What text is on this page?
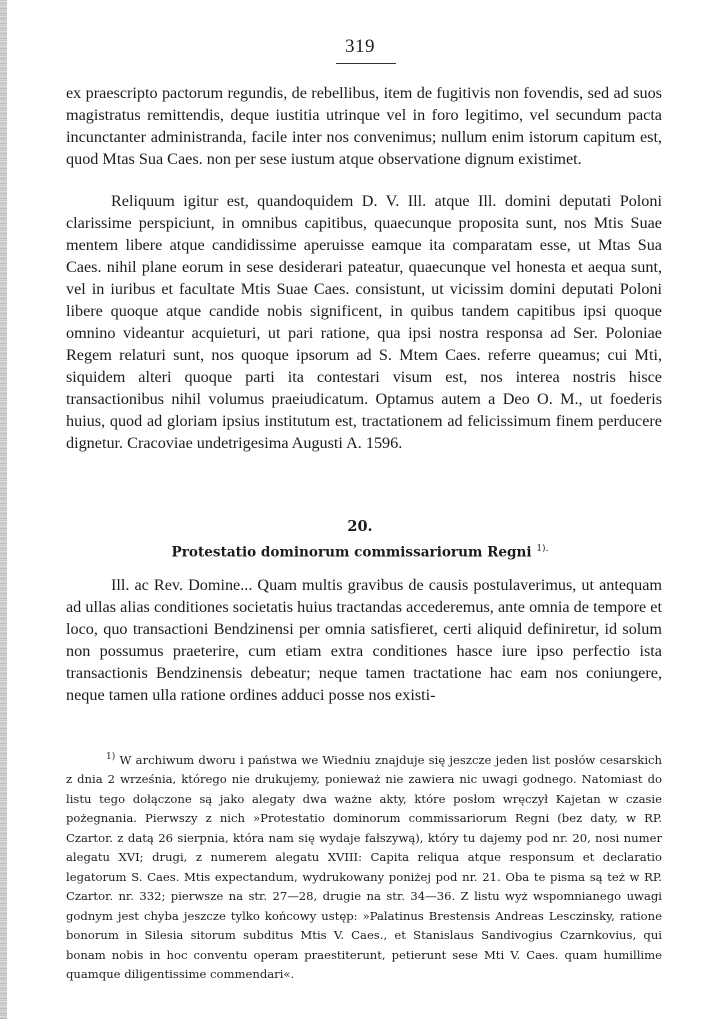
319

ex praescripto pactorum regundis, de rebellibus, item de fugitivis non fovendis, sed ad suos magistratus remittendis, deque iustitia utrinque vel in foro legitimo, vel secundum pacta incunctanter administranda, facile inter nos convenimus; nullum enim istorum capitum est, quod Mtas Sua Caes. non per sese iustum atque observatione dignum existimet.

Reliquum igitur est, quandoquidem D. V. Ill. atque Ill. domini deputati Poloni clarissime perspiciunt, in omnibus capitibus, quaecunque proposita sunt, nos Mtis Suae mentem libere atque candidissime aperuisse eamque ita comparatam esse, ut Mtas Sua Caes. nihil plane eorum in sese desiderari pateatur, quaecunque vel honesta et aequa sunt, vel in iuribus et facultate Mtis Suae Caes. consistunt, ut vicissim domini deputati Poloni libere quoque atque candide nobis significent, in quibus tandem capitibus ipsi quoque omnino videantur acquieturi, ut pari ratione, qua ipsi nostra responsa ad Ser. Poloniae Regem relaturi sunt, nos quoque ipsorum ad S. Mtem Caes. referre queamus; cui Mti, siquidem alteri quoque parti ita contestari visum est, nos interea nostris hisce transactionibus nihil volumus praeiudicatum. Optamus autem a Deo O. M., ut foederis huius, quod ad gloriam ipsius institutum est, tractationem ad felicissimum finem perducere dignetur. Cracoviae undetrigesima Augusti A. 1596.

20.
Protestatio dominorum commissariorum Regni $^{1).}$

Ill. ac Rev. Domine... Quam multis gravibus de causis postulaverimus, ut antequam ad ullas alias conditiones societatis huius tractandas accederemus, ante omnia de tempore et loco, quo transactioni Bendzinensi per omnia satisfieret, certi aliquid definiretur, id solum non possumus praeterire, cum etiam extra conditiones hasce iure ipso perfectio ista transactionis Bendzinensis debeatur; neque tamen tractatione hac eam nos coniungere, neque tamen ulla ratione ordines adduci posse nos existi-

$^{1)}$ W archiwum dworu i państwa we Wiedniu znajduje się jeszcze jeden list posłów cesarskich z dnia 2 września, którego nie drukujemy, ponieważ nie zawiera nic uwagi godnego. Natomiast do listu tego dołączone są jako alegaty dwa ważne akty, które posłom wręczył Kajetan w czasie pożegnania. Pierwszy z nich »Protestatio dominorum commissariorum Regni (bez daty, w RP. Czartor. z datą 26 sierpnia, która nam się wydaje fałszywą), który tu dajemy pod nr. 20, nosi numer alegatu XVI; drugi, z numerem alegatu XVIII: Capita reliqua atque responsum et declaratio legatorum S. Caes. Mtis expectandum, wydrukowany poniżej pod nr. 21. Oba te pisma są też w RP. Czartor. nr. 332; pierwsze na str. 27—28, drugie na str. 34—36. Z listu wyż wspomnianego uwagi godnym jest chyba jeszcze tylko końcowy ustęp: »Palatinus Brestensis Andreas Lesczinsky, ratione bonorum in Silesia sitorum subditus Mtis V. Caes., et Stanislaus Sandivogius Czarnkovius, qui bonam nobis in hoc conventu operam praestiterunt, petierunt sese Mti V. Caes. quam humillime quamque diligentissime commendari«.
